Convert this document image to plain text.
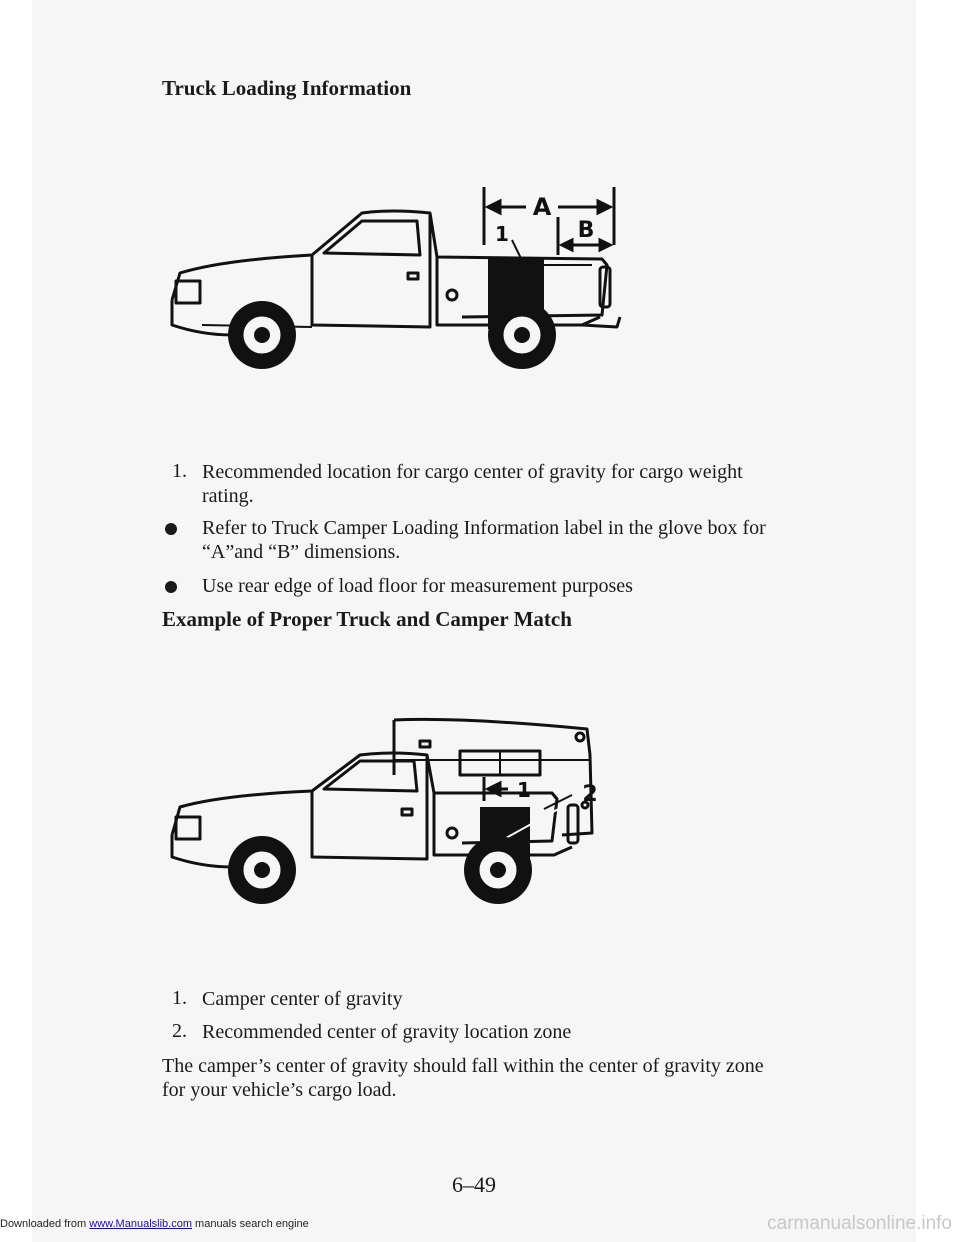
Truck Loading Information
A
B
1
1. Recommended location for cargo center of gravity for cargo weight
rating.
Refer to Truck Camper Loading Information label in the glove box for
“A”and “B” dimensions.
Use rear edge of load floor for measurement purposes
Example of Proper Truck and Camper Match
1 2
1. Camper center of gravity
2. Recommended center of gravity location zone
The camper’s center of gravity should fall within the center of gravity zone
for your vehicle’s cargo load.
6–49
Downloaded from www.Manualslib.com manuals search engine	carmanualsonline.info
